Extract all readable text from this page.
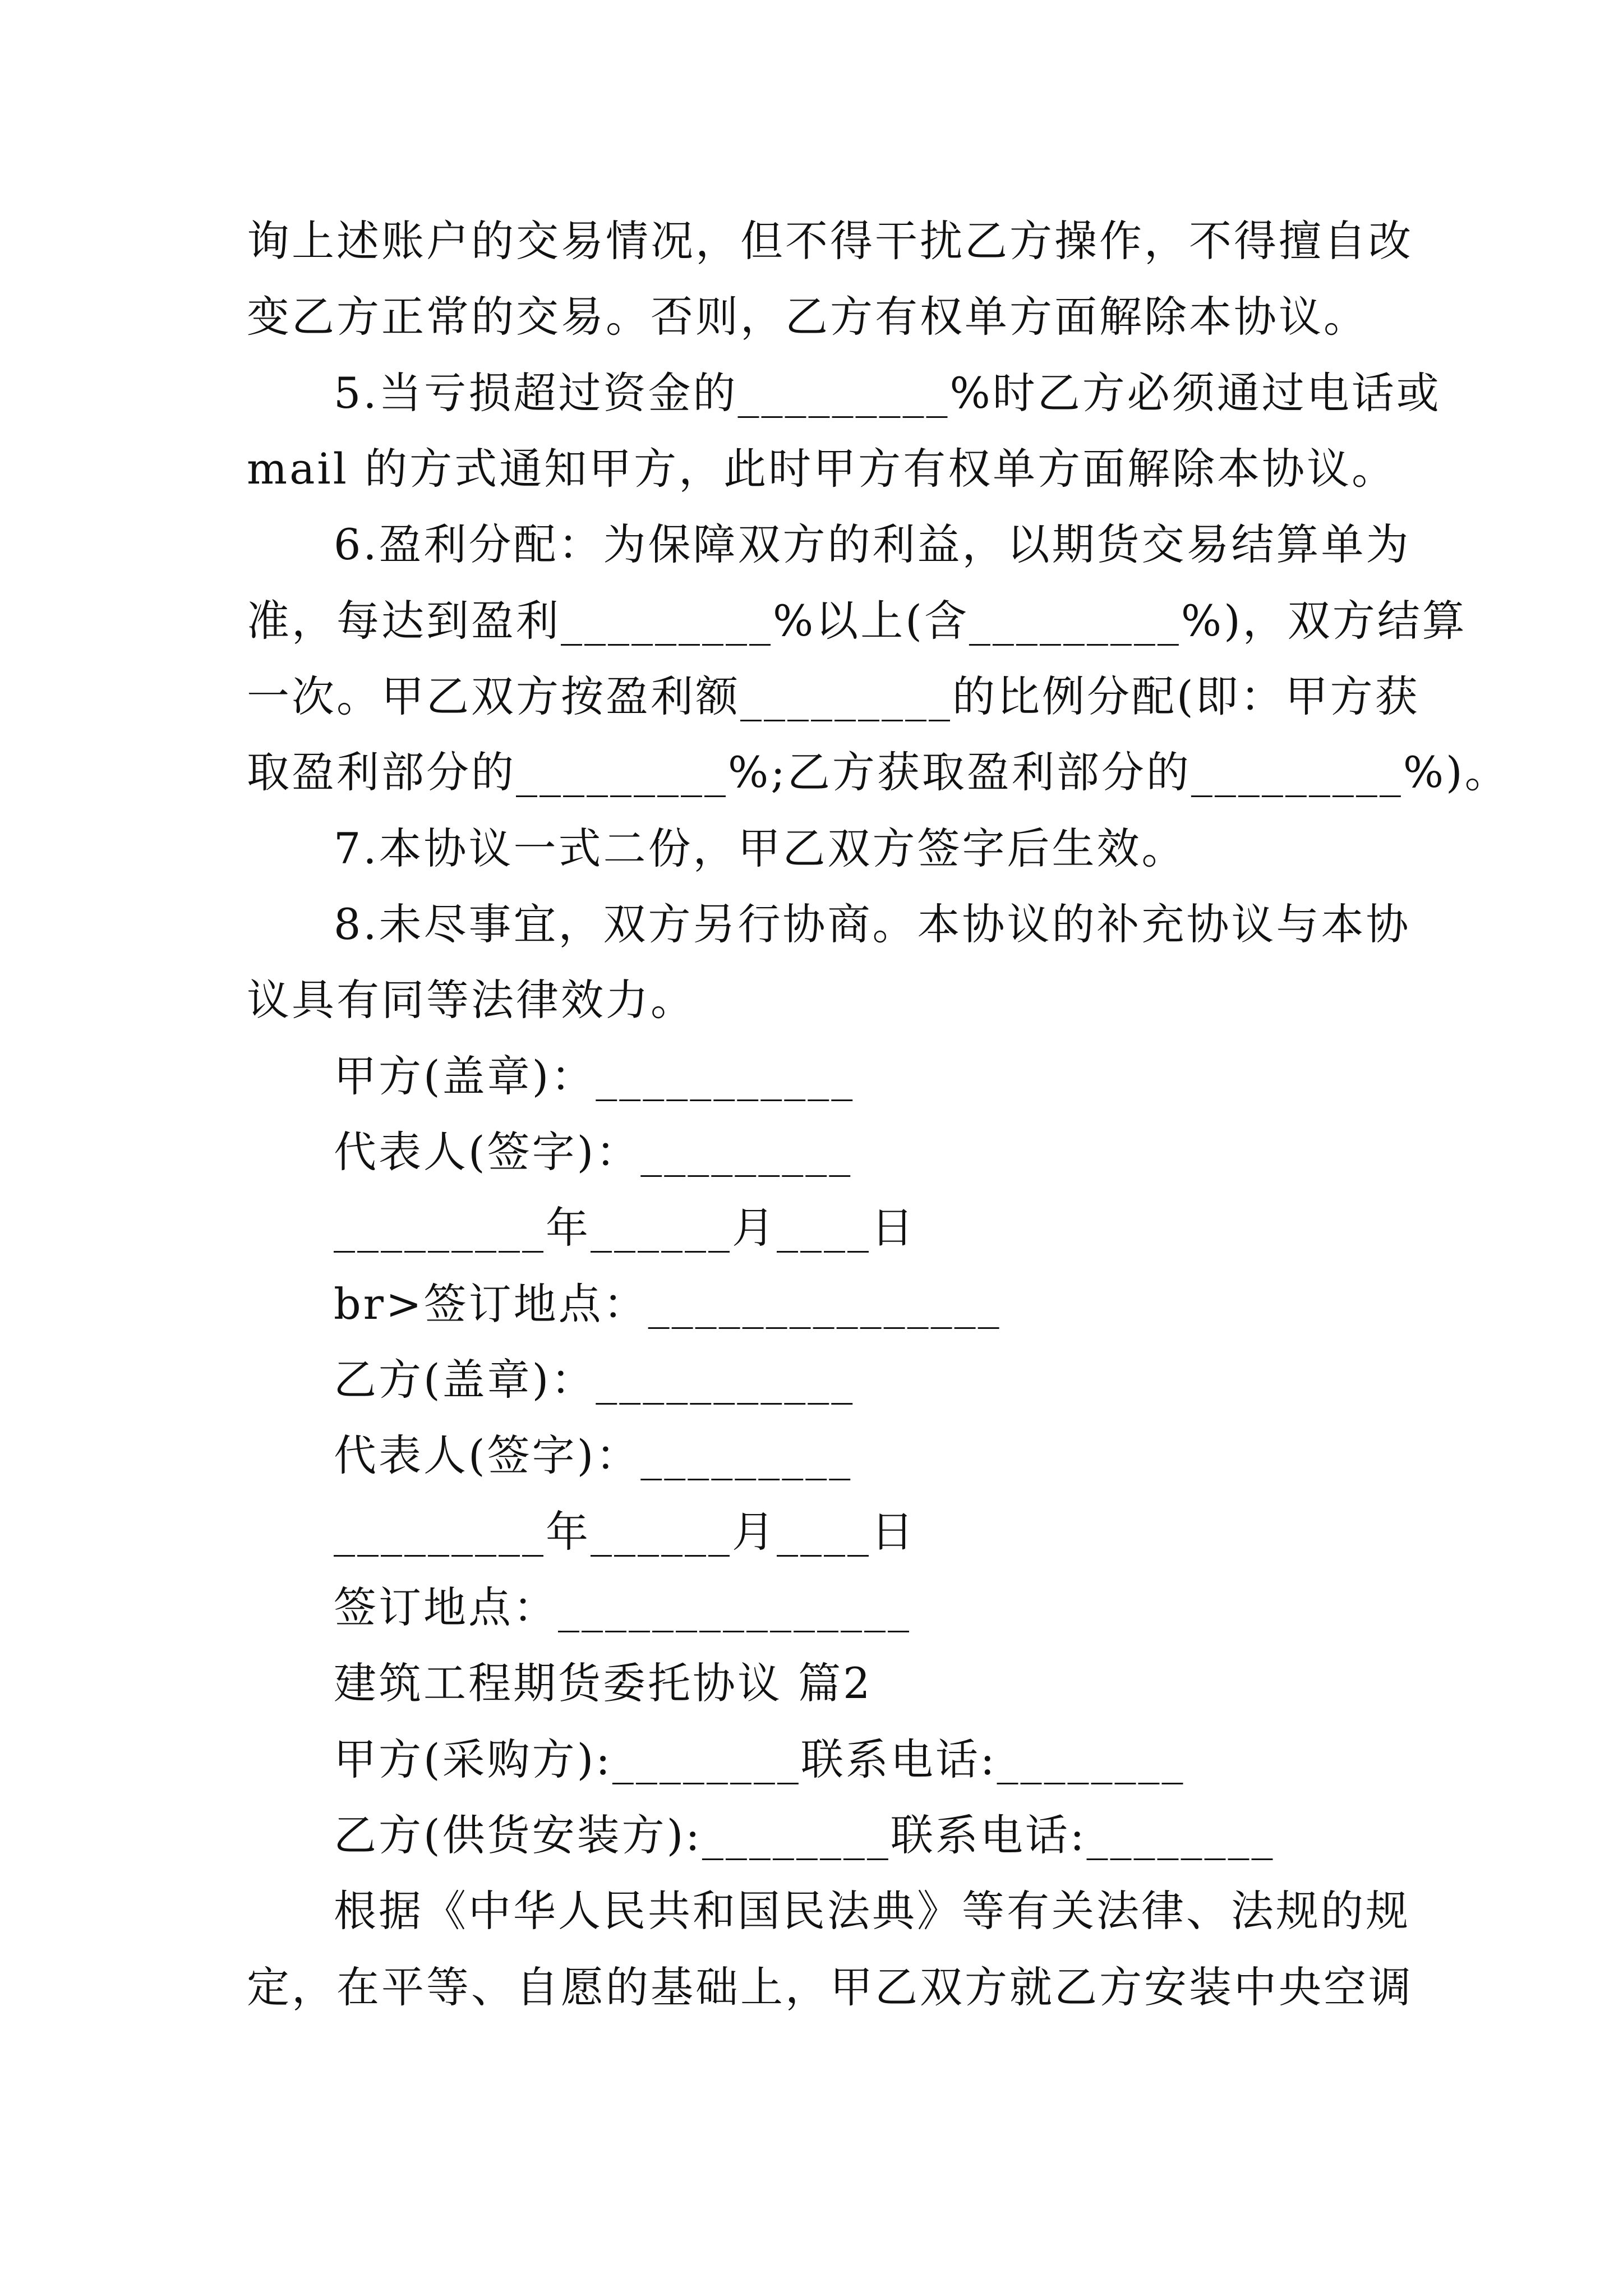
询上述账户的交易情况，但不得干扰乙方操作，不得擅自改
变乙方正常的交易。否则，乙方有权单方面解除本协议。
5.当亏损超过资金的_________%时乙方必须通过电话或
mail 的方式通知甲方，此时甲方有权单方面解除本协议。
6.盈利分配：为保障双方的利益，以期货交易结算单为
准，每达到盈利_________%以上(含_________%)，双方结算
一次。甲乙双方按盈利额_________的比例分配(即：甲方获
取盈利部分的_________%;乙方获取盈利部分的_________%)。
7.本协议一式二份，甲乙双方签字后生效。
8.未尽事宜，双方另行协商。本协议的补充协议与本协
议具有同等法律效力。
甲方(盖章)：___________
代表人(签字)：_________
_________年______月____日
br>签订地点：_______________
乙方(盖章)：___________
代表人(签字)：_________
_________年______月____日
签订地点：_______________
建筑工程期货委托协议 篇2
甲方(采购方):________联系电话:________
乙方(供货安装方):________联系电话:________
根据《中华人民共和国民法典》等有关法律、法规的规
定，在平等、自愿的基础上，甲乙双方就乙方安装中央空调
